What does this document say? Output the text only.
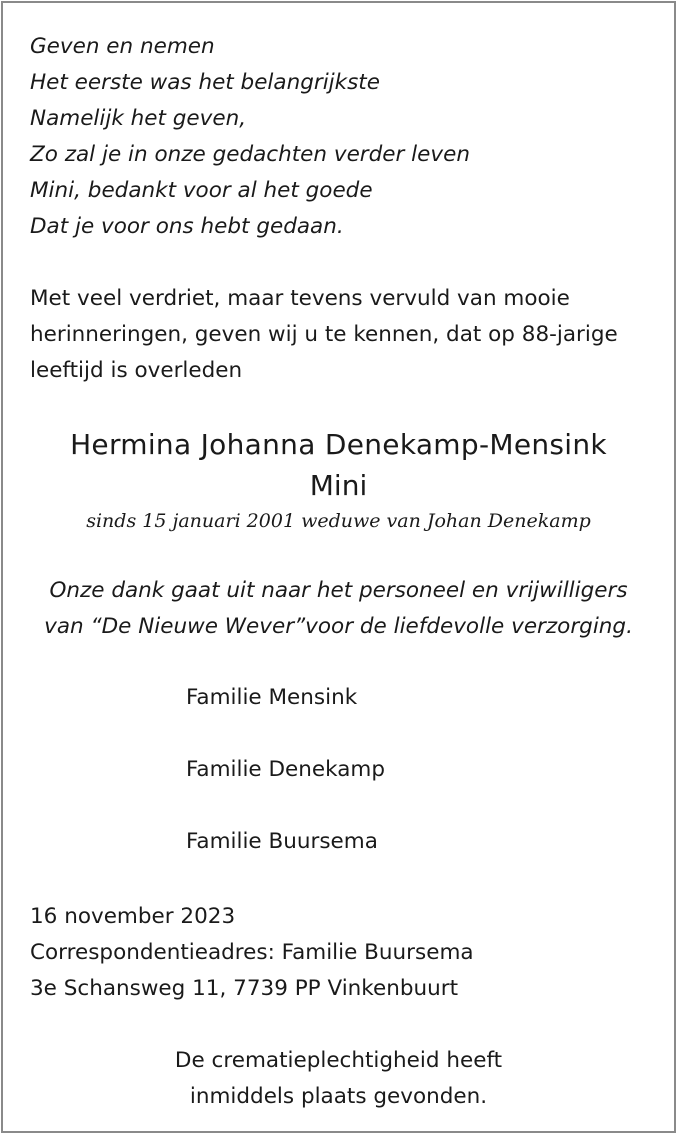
Geven en nemen
Het eerste was het belangrijkste
Namelijk het geven,
Zo zal je in onze gedachten verder leven
Mini, bedankt voor al het goede
Dat je voor ons hebt gedaan.
Met veel verdriet, maar tevens vervuld van mooie
herinneringen, geven wij u te kennen, dat op 88-jarige
leeftijd is overleden
Hermina Johanna Denekamp-Mensink
Mini
sinds 15 januari 2001 weduwe van Johan Denekamp
Onze dank gaat uit naar het personeel en vrijwilligers
van “De Nieuwe Wever”voor de liefdevolle verzorging.
Familie Mensink
Familie Denekamp
Familie Buursema
16 november 2023
Correspondentieadres: Familie Buursema
3e Schansweg 11, 7739 PP Vinkenbuurt
De crematieplechtigheid heeft
inmiddels plaats gevonden.
